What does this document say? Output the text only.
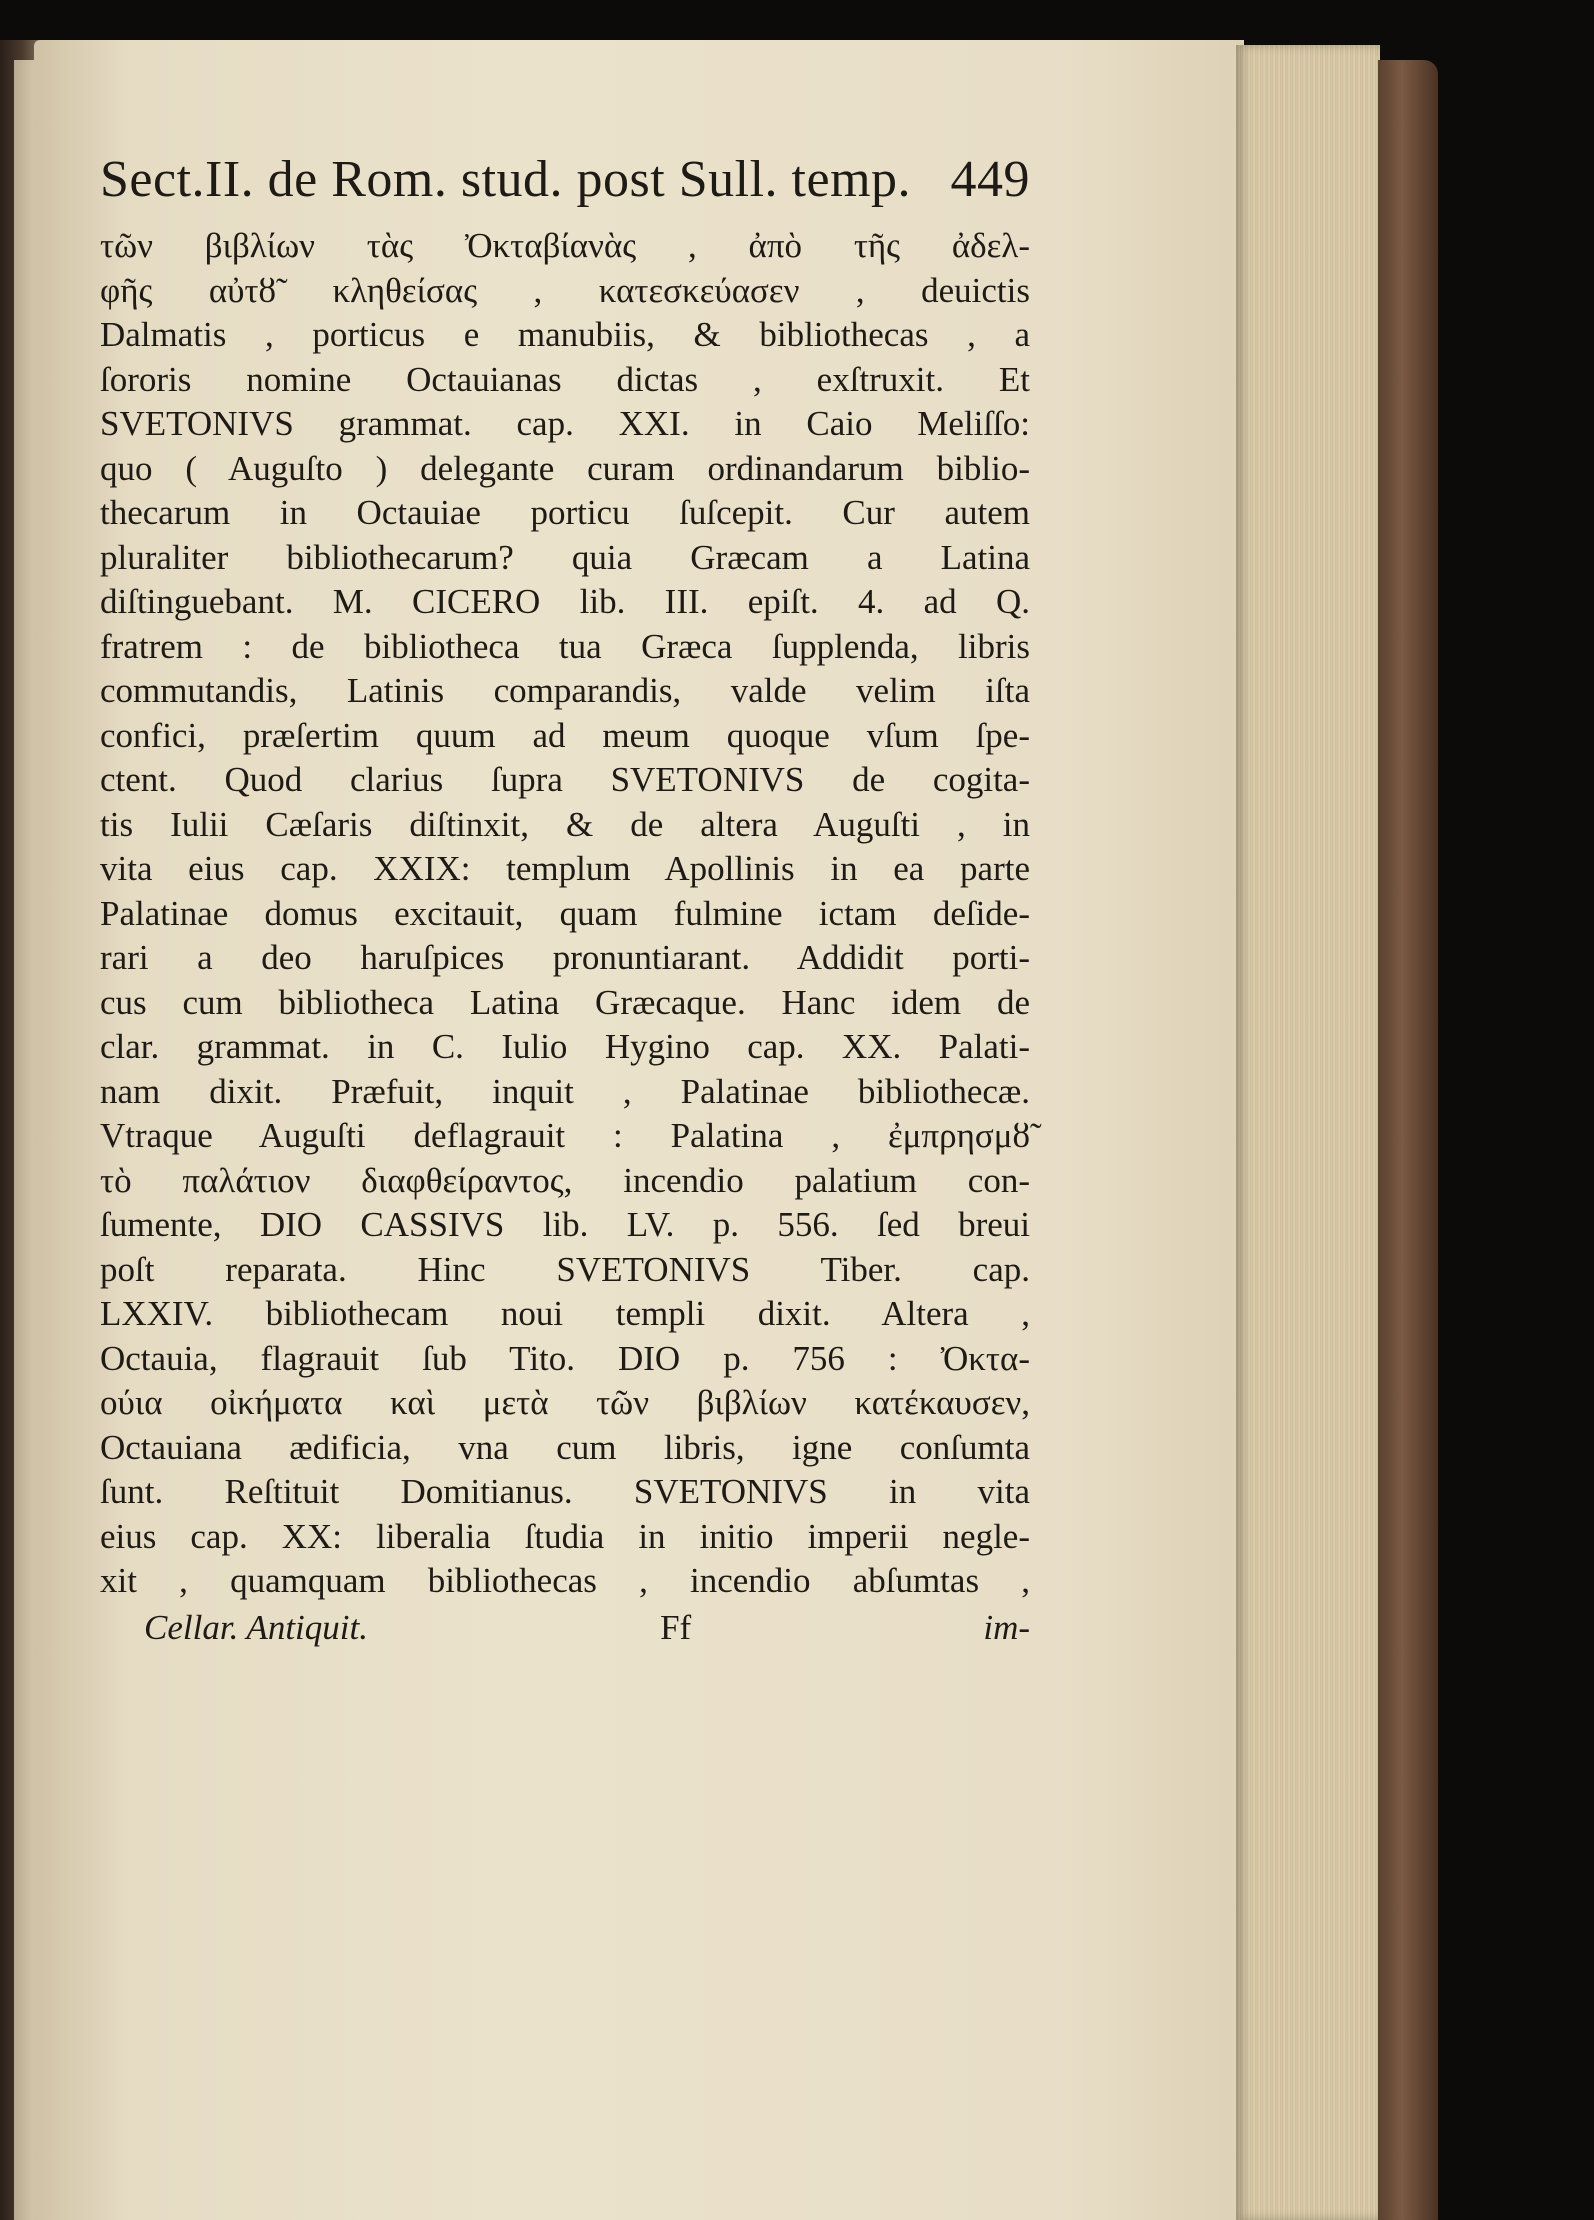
Sect.II. de Rom. stud. post Sull. temp. 449
τῶν βιβλίων τὰς Ὀκταβίανὰς , ἀπὸ τῆς ἀδελ-
φῆς αὐτȣ̃ κληθείσας , κατεσκεύασεν , deuictis
Dalmatis , porticus e manubiis, & bibliothecas , a
ſororis nomine Octauianas dictas , exſtruxit. Et
SVETONIVS grammat. cap. XXI. in Caio Meliſſo:
quo ( Auguſto ) delegante curam ordinandarum biblio-
thecarum in Octauiae porticu ſuſcepit. Cur autem
pluraliter bibliothecarum? quia Græcam a Latina
diſtinguebant. M. CICERO lib. III. epiſt. 4. ad Q.
fratrem : de bibliotheca tua Græca ſupplenda, libris
commutandis, Latinis comparandis, valde velim iſta
confici, præſertim quum ad meum quoque vſum ſpe-
ctent. Quod clarius ſupra SVETONIVS de cogita-
tis Iulii Cæſaris diſtinxit, & de altera Auguſti , in
vita eius cap. XXIX: templum Apollinis in ea parte
Palatinae domus excitauit, quam fulmine ictam deſide-
rari a deo haruſpices pronuntiarant. Addidit porti-
cus cum bibliotheca Latina Græcaque. Hanc idem de
clar. grammat. in C. Iulio Hygino cap. XX. Palati-
nam dixit. Præfuit, inquit , Palatinae bibliothecæ.
Vtraque Auguſti deflagrauit : Palatina , ἐμπρησμȣ̃
τὸ παλάτιον διαφθείραντος, incendio palatium con-
ſumente, DIO CASSIVS lib. LV. p. 556. ſed breui
poſt reparata. Hinc SVETONIVS Tiber. cap.
LXXIV. bibliothecam noui templi dixit. Altera ,
Octauia, flagrauit ſub Tito. DIO p. 756 : Ὀκτα-
ούια οἰκήματα καὶ μετὰ τῶν βιβλίων κατέκαυσεν,
Octauiana ædificia, vna cum libris, igne conſumta
ſunt. Reſtituit Domitianus. SVETONIVS in vita
eius cap. XX: liberalia ſtudia in initio imperii negle-
xit , quamquam bibliothecas , incendio abſumtas ,
Cellar. Antiquit.	Ff	im-
